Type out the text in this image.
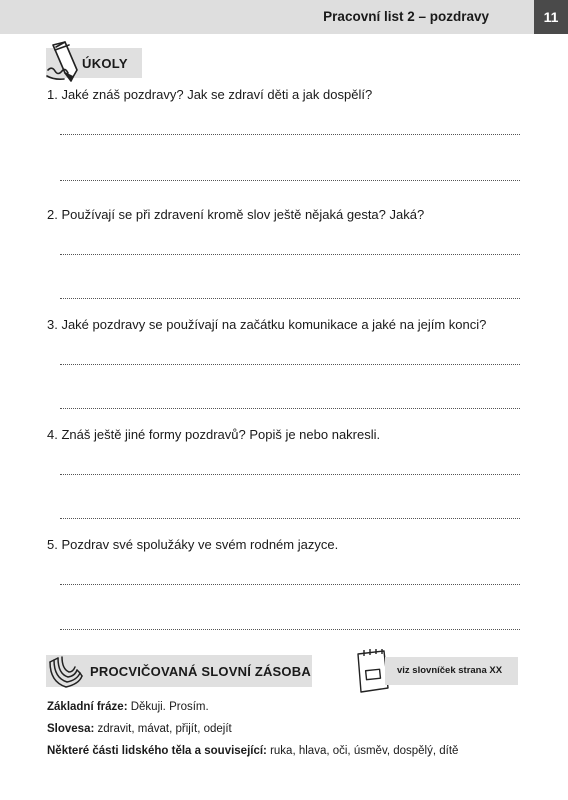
Pracovní list 2 – pozdravy	11
ÚKOLY
1. Jaké znáš pozdravy? Jak se zdraví děti a jak dospělí?
2. Používají se při zdravení kromě slov ještě nějaká gesta? Jaká?
3. Jaké pozdravy se používají na začátku komunikace a jaké na jejím konci?
4. Znáš ještě jiné formy pozdravů? Popiš je nebo nakresli.
5. Pozdrav své spolužáky ve svém rodném jazyce.
PROCVIČOVANÁ SLOVNÍ ZÁSOBA	viz slovníček strana XX
Základní fráze: Děkuji. Prosím.
Slovesa: zdravit, mávat, přijít, odejít
Některé části lidského těla a související: ruka, hlava, oči, úsměv, dospělý, dítě
